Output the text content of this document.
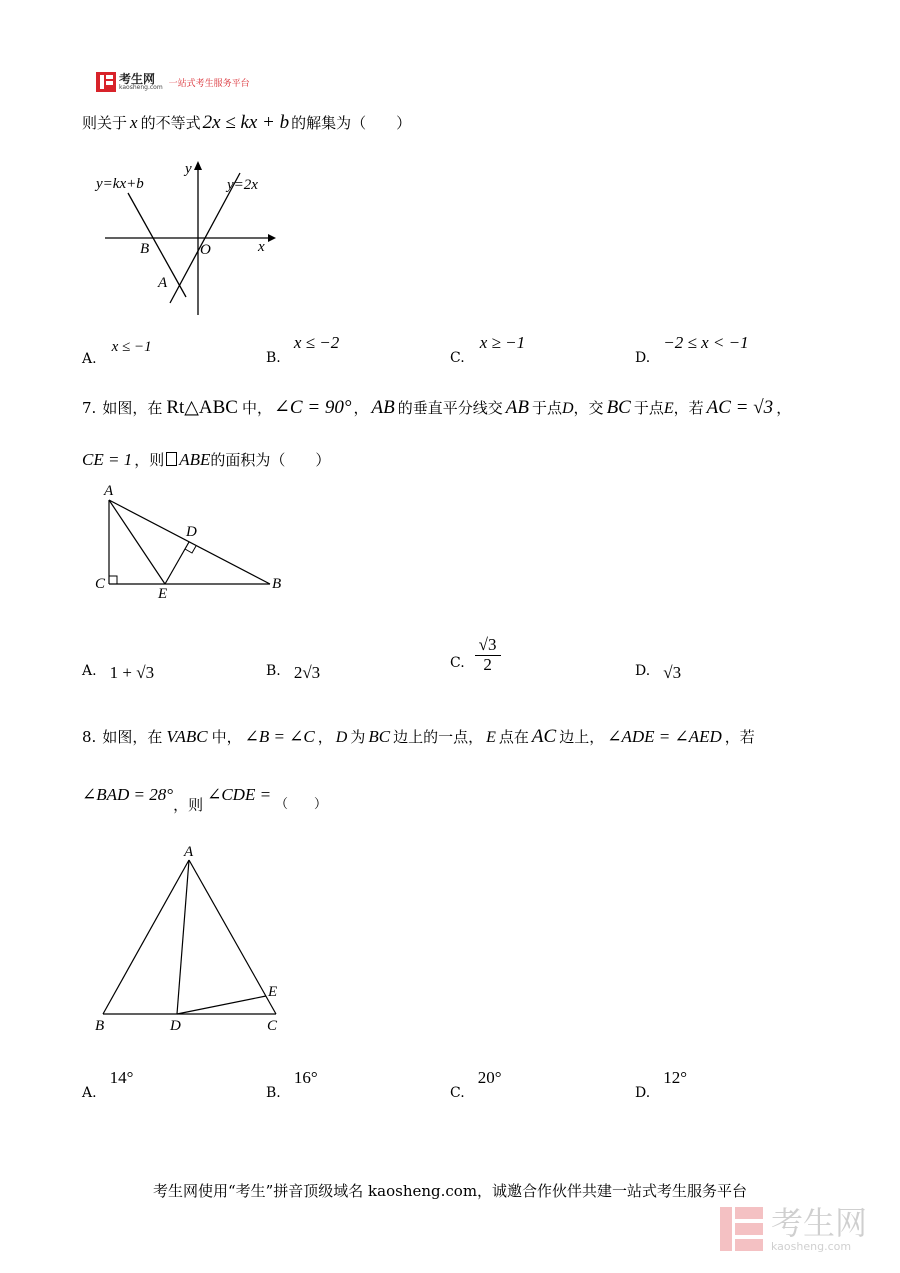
考生网
kaosheng.com 一站式考生服务平台
则关于 x 的不等式 2x ≤ kx + b 的解集为（　　）
y=kx+b	y=2x
y
x
B	O
A
A. x ≤ −1
B. x ≤ −2
C. x ≥ −1
D. −2 ≤ x < −1
7. 如图，在 Rt△ABC 中， ∠C = 90° ， AB 的垂直平分线交 AB 于点 D ，交 BC 于点 E ，若 AC = √3 ，
CE = 1 ，则 ABE 的面积为（　　）
A
D
C
E
B
A. 1 + √3	B. 2√3	C. $\frac{√3}{2}$	D. √3
8. 如图，在 VABC 中， ∠B = ∠C ， D 为 BC 边上的一点， E 点在 AC 边上， ∠ADE = ∠AED ，若
∠BAD = 28°
，则
∠CDE =
（　　）
A
B	D	C
E
A. 14°
B. 16°
C. 20°
D. 12°
考生网使用“考生”拼音顶级域名 kaosheng.com，诚邀合作伙伴共建一站式考生服务平台
考生网
kaosheng.com
